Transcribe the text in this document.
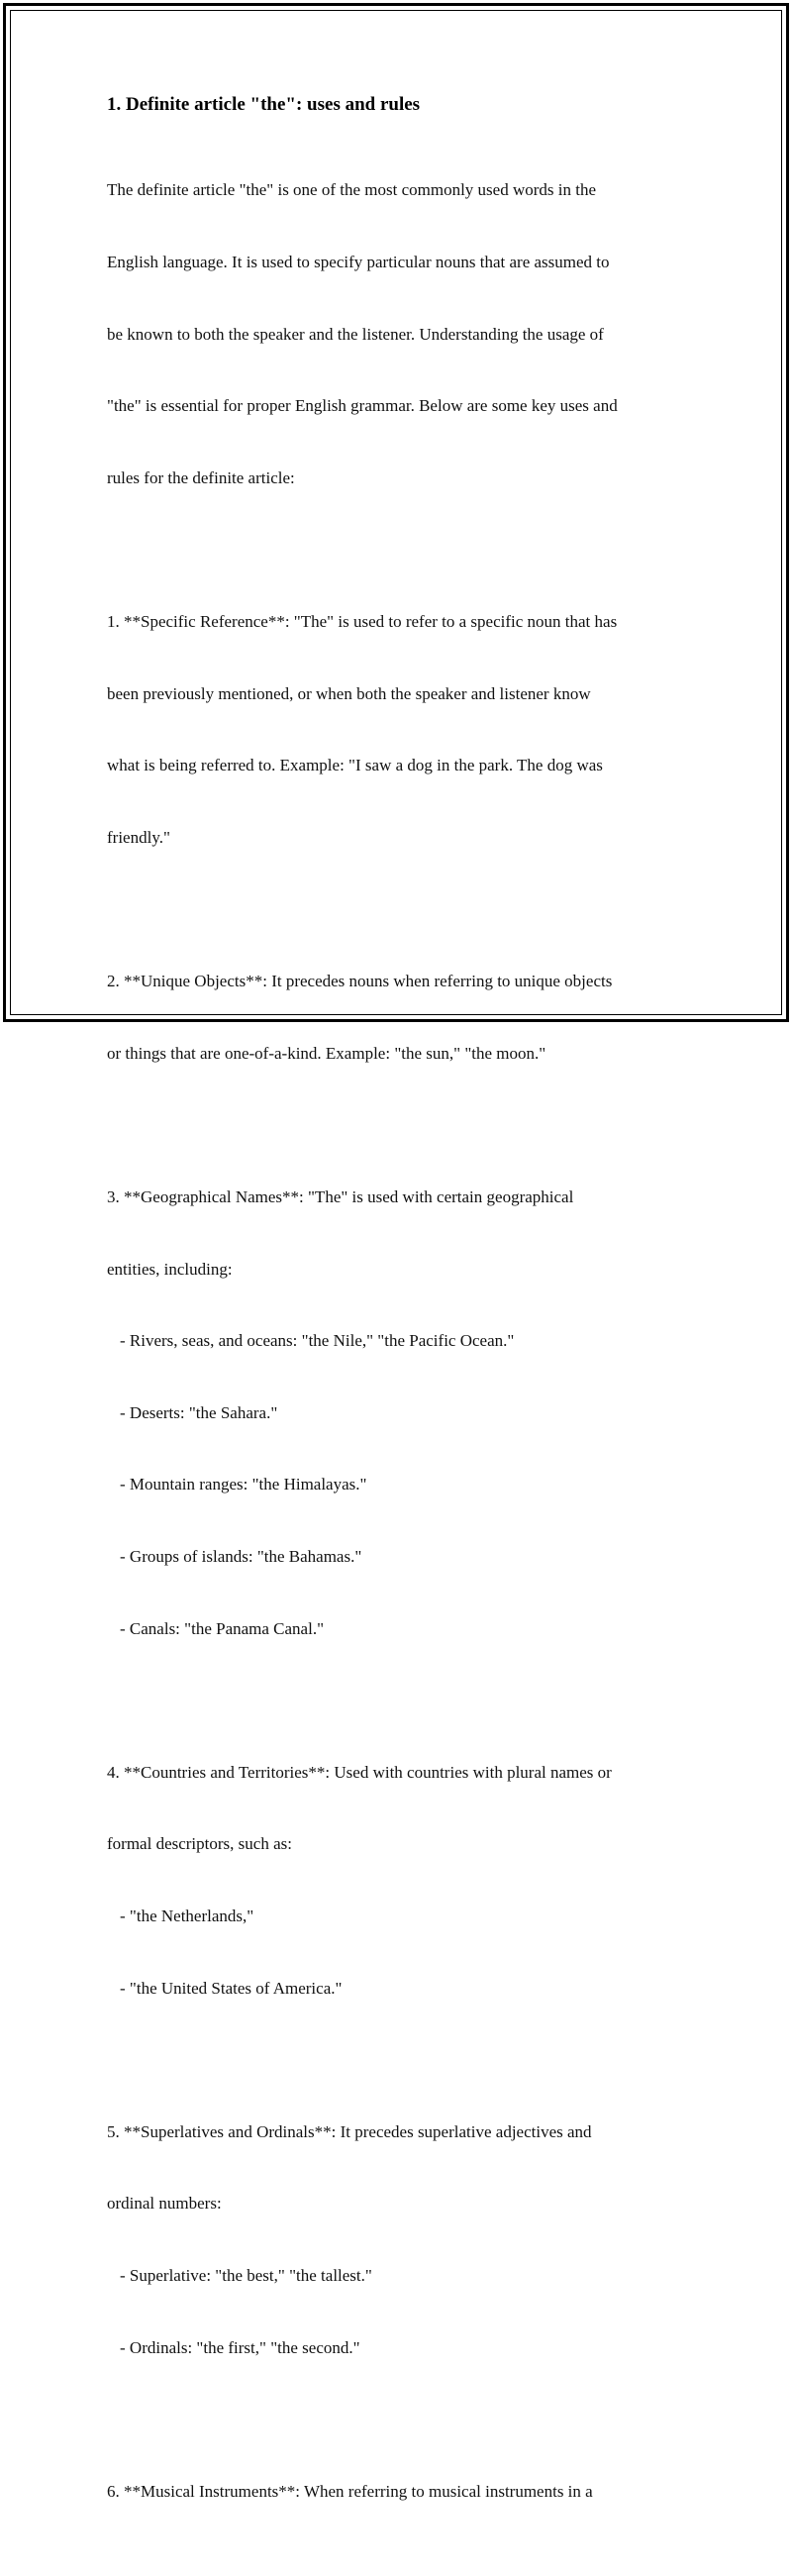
1. Definite article "the": uses and rules

The definite article "the" is one of the most commonly used words in the

English language. It is used to specify particular nouns that are assumed to

be known to both the speaker and the listener. Understanding the usage of

"the" is essential for proper English grammar. Below are some key uses and

rules for the definite article:

1. **Specific Reference**: "The" is used to refer to a specific noun that has

been previously mentioned, or when both the speaker and listener know

what is being referred to. Example: "I saw a dog in the park. The dog was

friendly."

2. **Unique Objects**: It precedes nouns when referring to unique objects

or things that are one-of-a-kind. Example: "the sun," "the moon."

3. **Geographical Names**: "The" is used with certain geographical

entities, including:

- Rivers, seas, and oceans: "the Nile," "the Pacific Ocean."

- Deserts: "the Sahara."

- Mountain ranges: "the Himalayas."

- Groups of islands: "the Bahamas."

- Canals: "the Panama Canal."

4. **Countries and Territories**: Used with countries with plural names or

formal descriptors, such as:

- "the Netherlands,"

- "the United States of America."

5. **Superlatives and Ordinals**: It precedes superlative adjectives and

ordinal numbers:

- Superlative: "the best," "the tallest."

- Ordinals: "the first," "the second."

6. **Musical Instruments**: When referring to musical instruments in a
